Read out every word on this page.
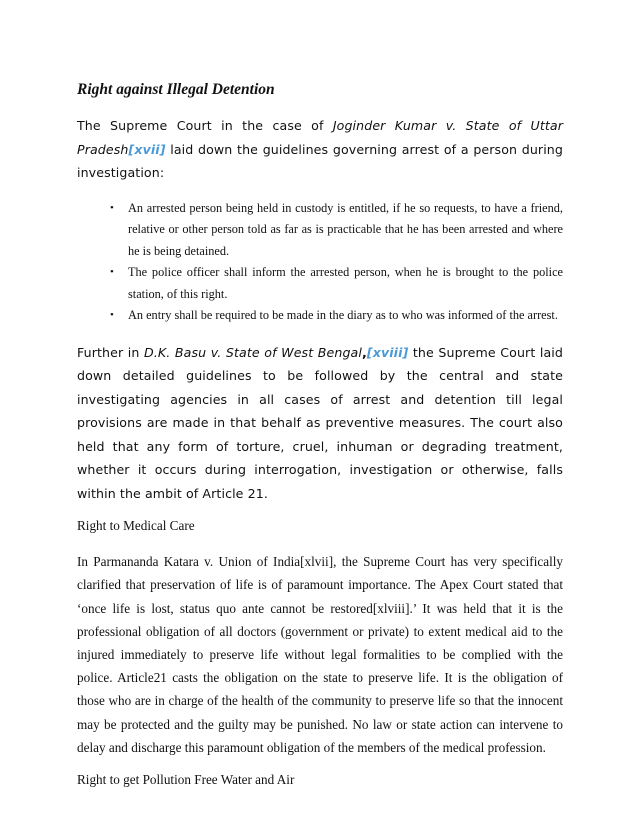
Right against Illegal Detention

The Supreme Court in the case of Joginder Kumar v. State of Uttar Pradesh[xvii] laid down the guidelines governing arrest of a person during investigation:

• An arrested person being held in custody is entitled, if he so requests, to have a friend, relative or other person told as far as is practicable that he has been arrested and where he is being detained.
• The police officer shall inform the arrested person, when he is brought to the police station, of this right.
• An entry shall be required to be made in the diary as to who was informed of the arrest.

Further in D.K. Basu v. State of West Bengal,[xviii] the Supreme Court laid down detailed guidelines to be followed by the central and state investigating agencies in all cases of arrest and detention till legal provisions are made in that behalf as preventive measures. The court also held that any form of torture, cruel, inhuman or degrading treatment, whether it occurs during interrogation, investigation or otherwise, falls within the ambit of Article 21.

Right to Medical Care

In Parmananda Katara v. Union of India[xlvii], the Supreme Court has very specifically clarified that preservation of life is of paramount importance. The Apex Court stated that ‘once life is lost, status quo ante cannot be restored[xlviii].’ It was held that it is the professional obligation of all doctors (government or private) to extent medical aid to the injured immediately to preserve life without legal formalities to be complied with the police. Article21 casts the obligation on the state to preserve life. It is the obligation of those who are in charge of the health of the community to preserve life so that the innocent may be protected and the guilty may be punished. No law or state action can intervene to delay and discharge this paramount obligation of the members of the medical profession.

Right to get Pollution Free Water and Air
